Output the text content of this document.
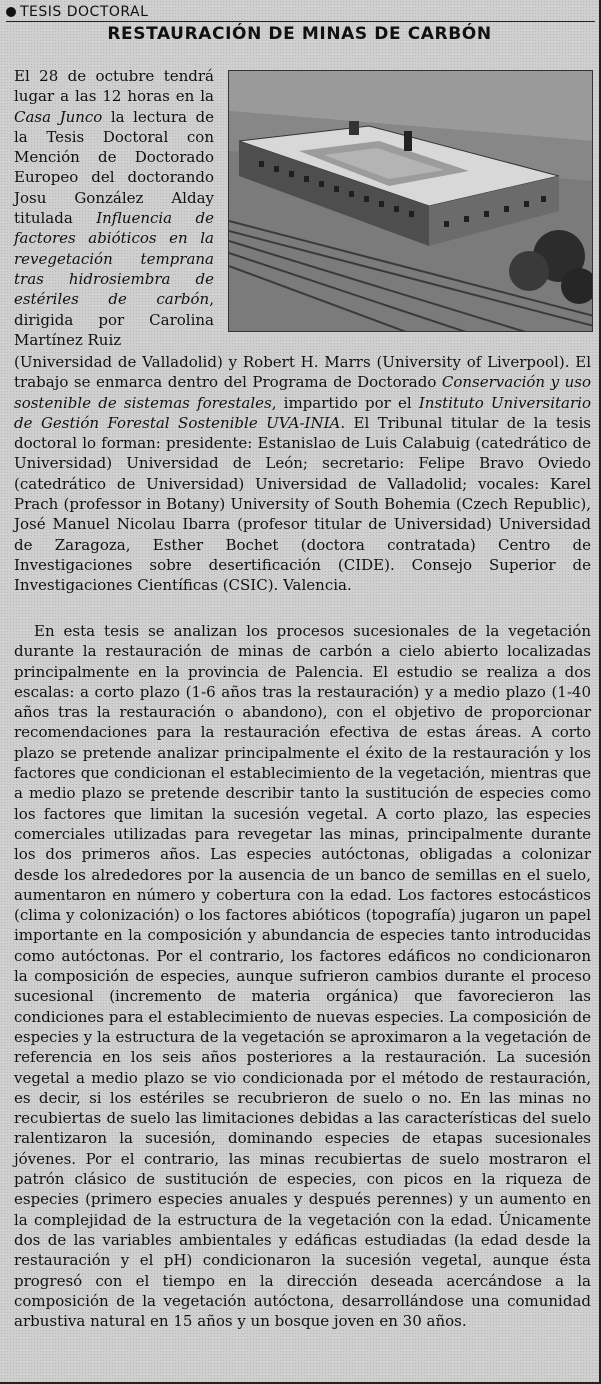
TESIS DOCTORAL
RESTAURACIÓN DE MINAS DE CARBÓN
El 28 de octubre tendrá lugar a las 12 horas en la Casa Junco la lectura de la Tesis Doctoral con Mención de Doctorado Europeo del doctorando Josu González Alday titulada Influencia de factores abióticos en la revegetación temprana tras hidrosiembra de estériles de carbón, dirigida por Carolina Martínez Ruiz
(Universidad de Valladolid) y Robert H. Marrs (University of Liverpool). El trabajo se enmarca dentro del Programa de Doctorado Conservación y uso sostenible de sistemas forestales, impartido por el Instituto Universitario de Gestión Forestal Sostenible UVA-INIA. El Tribunal titular de la tesis doctoral lo forman: presidente: Estanislao de Luis Calabuig (catedrático de Universidad) Universidad de León; secretario: Felipe Bravo Oviedo (catedrático de Universidad) Universidad de Valladolid; vocales: Karel Prach (professor in Botany) University of South Bohemia (Czech Republic), José Manuel Nicolau Ibarra (profesor titular de Universidad) Universidad de Zaragoza, Esther Bochet (doctora contratada) Centro de Investigaciones sobre desertificación (CIDE). Consejo Superior de Investigaciones Científicas (CSIC). Valencia.
En esta tesis se analizan los procesos sucesionales de la vegetación durante la restauración de minas de carbón a cielo abierto localizadas principalmente en la provincia de Palencia. El estudio se realiza a dos escalas: a corto plazo (1-6 años tras la restauración) y a medio plazo (1-40 años tras la restauración o abandono), con el objetivo de proporcionar recomendaciones para la restauración efectiva de estas áreas. A corto plazo se pretende analizar principalmente el éxito de la restauración y los factores que condicionan el establecimiento de la vegetación, mientras que a medio plazo se pretende describir tanto la sustitución de especies como los factores que limitan la sucesión vegetal. A corto plazo, las especies comerciales utilizadas para revegetar las minas, principalmente durante los dos primeros años. Las especies autóctonas, obligadas a colonizar desde los alrededores por la ausencia de un banco de semillas en el suelo, aumentaron en número y cobertura con la edad. Los factores estocásticos (clima y colonización) o los factores abióticos (topografía) jugaron un papel importante en la composición y abundancia de especies tanto introducidas como autóctonas. Por el contrario, los factores edáficos no condicionaron la composición de especies, aunque sufrieron cambios durante el proceso sucesional (incremento de materia orgánica) que favorecieron las condiciones para el establecimiento de nuevas especies. La composición de especies y la estructura de la vegetación se aproximaron a la vegetación de referencia en los seis años posteriores a la restauración. La sucesión vegetal a medio plazo se vio condicionada por el método de restauración, es decir, si los estériles se recubrieron de suelo o no. En las minas no recubiertas de suelo las limitaciones debidas a las características del suelo ralentizaron la sucesión, dominando especies de etapas sucesionales jóvenes. Por el contrario, las minas recubiertas de suelo mostraron el patrón clásico de sustitución de especies, con picos en la riqueza de especies (primero especies anuales y después perennes) y un aumento en la complejidad de la estructura de la vegetación con la edad. Únicamente dos de las variables ambientales y edáficas estudiadas (la edad desde la restauración y el pH) condicionaron la sucesión vegetal, aunque ésta progresó con el tiempo en la dirección deseada acercándose a la composición de la vegetación autóctona, desarrollándose una comunidad arbustiva natural en 15 años y un bosque joven en 30 años.
